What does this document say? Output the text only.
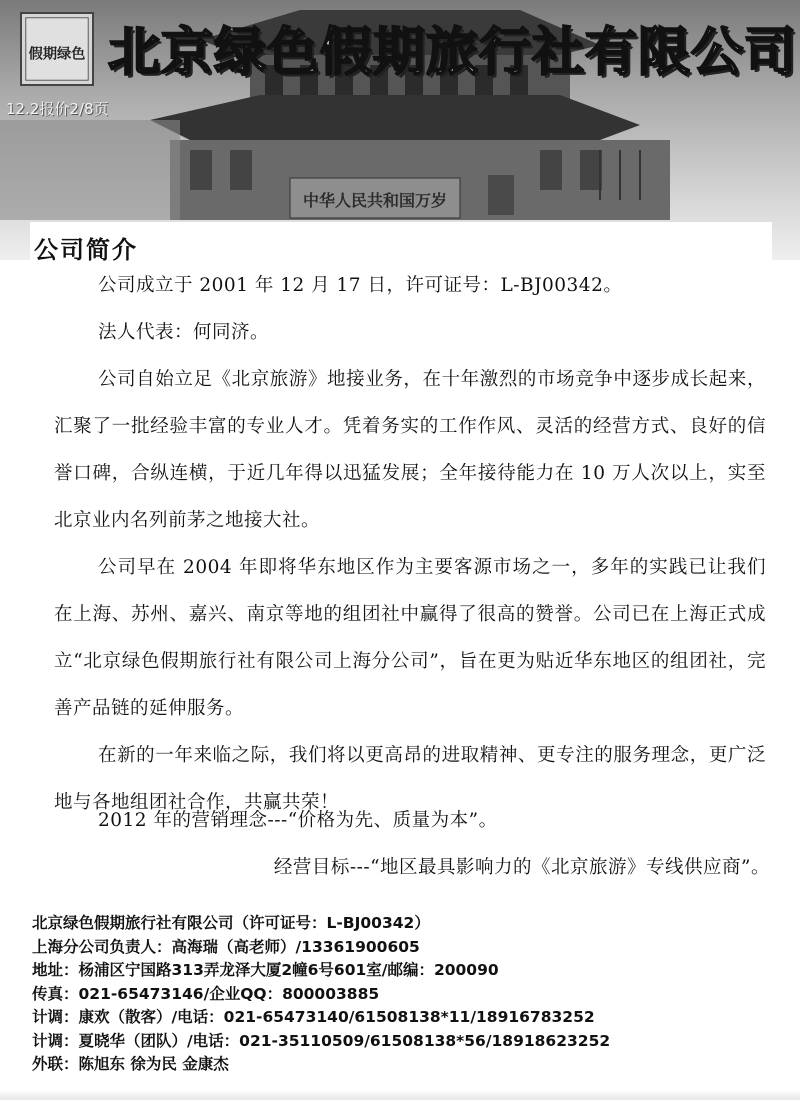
中华人民共和国万岁
假期绿色 北京绿色假期旅行社有限公司
12.2报价2/8页
公司简介

公司成立于 2001 年 12 月 17 日，许可证号：L-BJ00342。

法人代表：何同济。

公司自始立足《北京旅游》地接业务，在十年激烈的市场竞争中逐步成长起来，汇聚了一批经验丰富的专业人才。凭着务实的工作作风、灵活的经营方式、良好的信誉口碑，合纵连横，于近几年得以迅猛发展；全年接待能力在 10 万人次以上，实至北京业内名列前茅之地接大社。

公司早在 2004 年即将华东地区作为主要客源市场之一，多年的实践已让我们在上海、苏州、嘉兴、南京等地的组团社中赢得了很高的赞誉。公司已在上海正式成立“北京绿色假期旅行社有限公司上海分公司”，旨在更为贴近华东地区的组团社，完善产品链的延伸服务。

在新的一年来临之际，我们将以更高昂的进取精神、更专注的服务理念，更广泛地与各地组团社合作，共赢共荣！

2012 年的营销理念---“价格为先、质量为本”。

经营目标---“地区最具影响力的《北京旅游》专线供应商”。
北京绿色假期旅行社有限公司（许可证号：L-BJ00342）
上海分公司负责人：高海瑞（高老师）/13361900605
地址：杨浦区宁国路313弄龙泽大厦2幢6号601室/邮编：200090
传真：021-65473146/企业QQ：800003885
计调：康欢（散客）/电话：021-65473140/61508138*11/18916783252
计调：夏晓华（团队）/电话：021-35110509/61508138*56/18918623252
外联：陈旭东 徐为民 金康杰
